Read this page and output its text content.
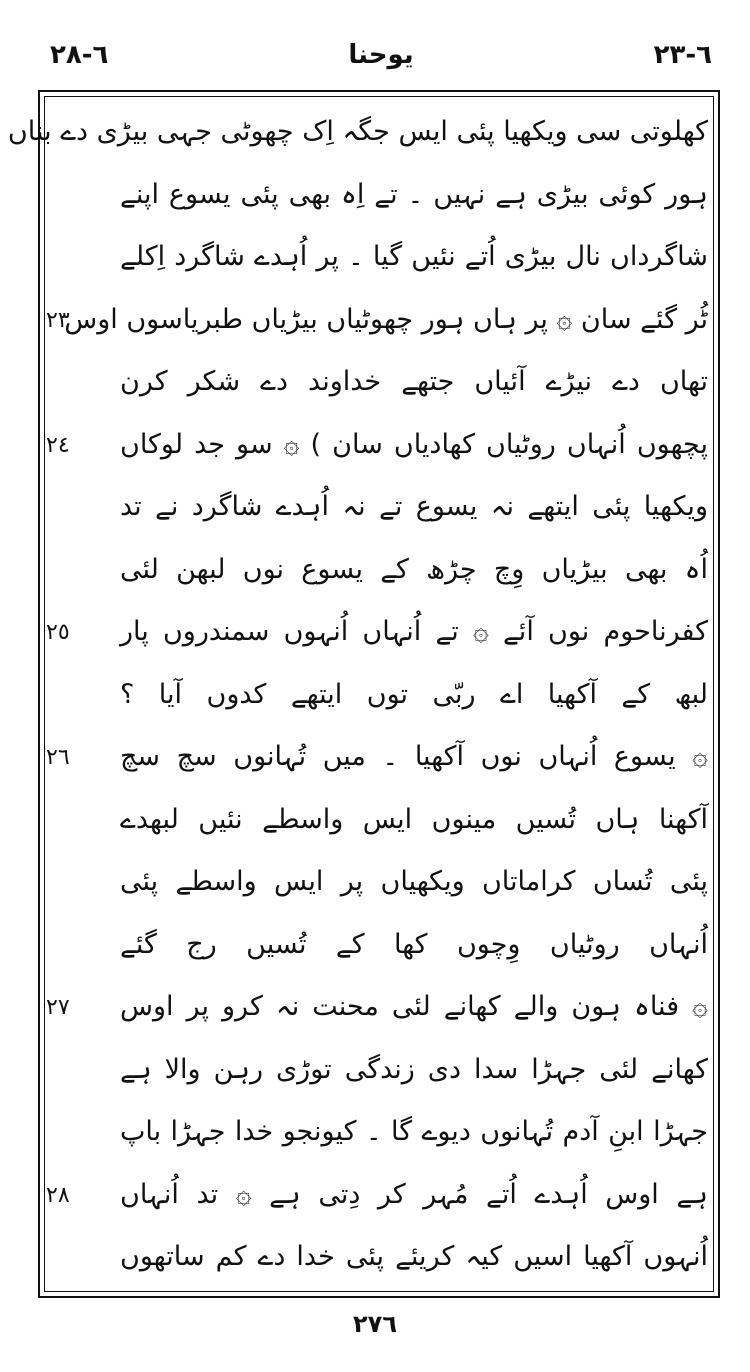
٦-٢٨	یوحنا	٦-٢٣
٢٣
٢٤
٢٥
٢٦
٢٧
٢٨
کھلوتی سی ویکھیا پئی ایس جگہ اِک چھوٹی جہی بیڑی دے بناں
ہور کوئی بیڑی ہے نہیں ۔ تے اِہ بھی پئی یسوع اپنے
شاگرداں نال بیڑی اُتے نئیں گیا ۔ پر اُہدے شاگرد اِکلے
ٹُر گئے سان ۞ پر ہاں ہور چھوٹیاں بیڑیاں طبریاسوں اوس
تھاں دے نیڑے آئیاں جتھے خداوند دے شکر کرن
پچھوں اُنہاں روٹیاں کھادیاں سان ) ۞ سو جد لوکاں
ویکھیا پئی ایتھے نہ یسوع تے نہ اُہدے شاگرد نے تد
اُہ بھی بیڑیاں وِچ چڑھ کے یسوع نوں لبھن لئی
کفرناحوم نوں آئے ۞ تے اُنہاں اُنہوں سمندروں پار
لبھ کے آکھیا اے ربّی توں ایتھے کدوں آیا ؟
۞ یسوع اُنہاں نوں آکھیا ۔ میں تُہانوں سچ سچ
آکھنا ہاں تُسیں مینوں ایس واسطے نئیں لبھدے
پئی تُساں کراماتاں ویکھیاں پر ایس واسطے پئی
اُنہاں روٹیاں وِچوں کھا کے تُسیں رج گئے
۞ فناہ ہون والے کھانے لئی محنت نہ کرو پر اوس
کھانے لئی جہڑا سدا دی زندگی توڑی رہن والا ہے
جہڑا ابنِ آدم تُہانوں دیوے گا ۔ کیونجو خدا جہڑا باپ
ہے اوس اُہدے اُتے مُہر کر دِتی ہے ۞ تد اُنہاں
اُنہوں آکھیا اسیں کیہ کریئے پئی خدا دے کم ساتھوں
٢٧٦
